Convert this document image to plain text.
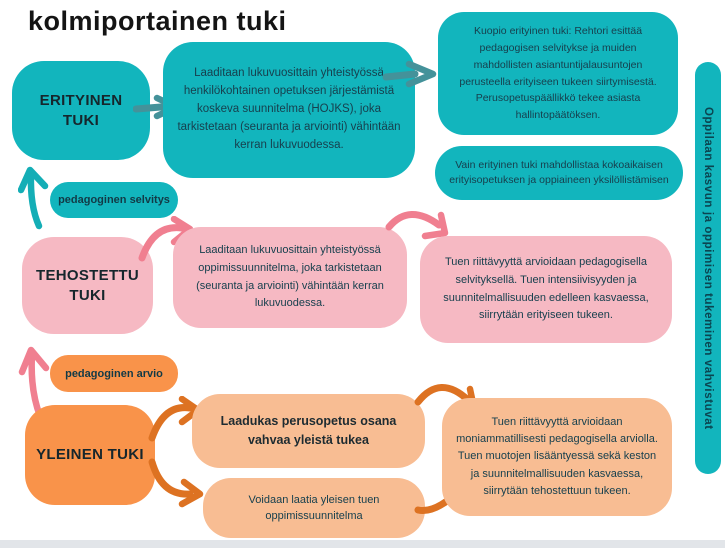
kolmiportainen tuki
ERITYINEN TUKI
Laaditaan lukuvuosittain yhteistyössä henkilökohtainen opetuksen järjestämistä koskeva suunnitelma (HOJKS), joka tarkistetaan (seuranta ja arviointi) vähintään kerran lukuvuodessa.
Kuopio erityinen tuki: Rehtori esittää pedagogisen selvitykse ja muiden mahdollisten asiantuntijalausuntojen perusteella erityiseen tukeen siirtymisestä. Perusopetuspäällikkö tekee asiasta hallintopäätöksen.
Vain erityinen tuki mahdollistaa kokoaikaisen erityisopetuksen ja oppiaineen yksilöllistämisen
pedagoginen selvitys
TEHOSTETTU TUKI
Laaditaan lukuvuosittain yhteistyössä oppimissuunnitelma, joka tarkistetaan (seuranta ja arviointi) vähintään kerran lukuvuodessa.
Tuen riittävyyttä arvioidaan pedagogisella selvityksellä. Tuen intensiivisyyden ja suunnitelmallisuuden edelleen kasvaessa, siirrytään erityiseen tukeen.
pedagoginen arvio
YLEINEN TUKI
Laadukas perusopetus osana vahvaa yleistä tukea
Voidaan laatia yleisen tuen oppimissuunnitelma
Tuen riittävyyttä arvioidaan moniammatillisesti pedagogisella arviolla. Tuen muotojen lisääntyessä sekä keston ja suunnitelmallisuuden kasvaessa, siirrytään tehostettuun tukeen.
Oppilaan kasvun ja oppimisen tukeminen vahvistuvat
